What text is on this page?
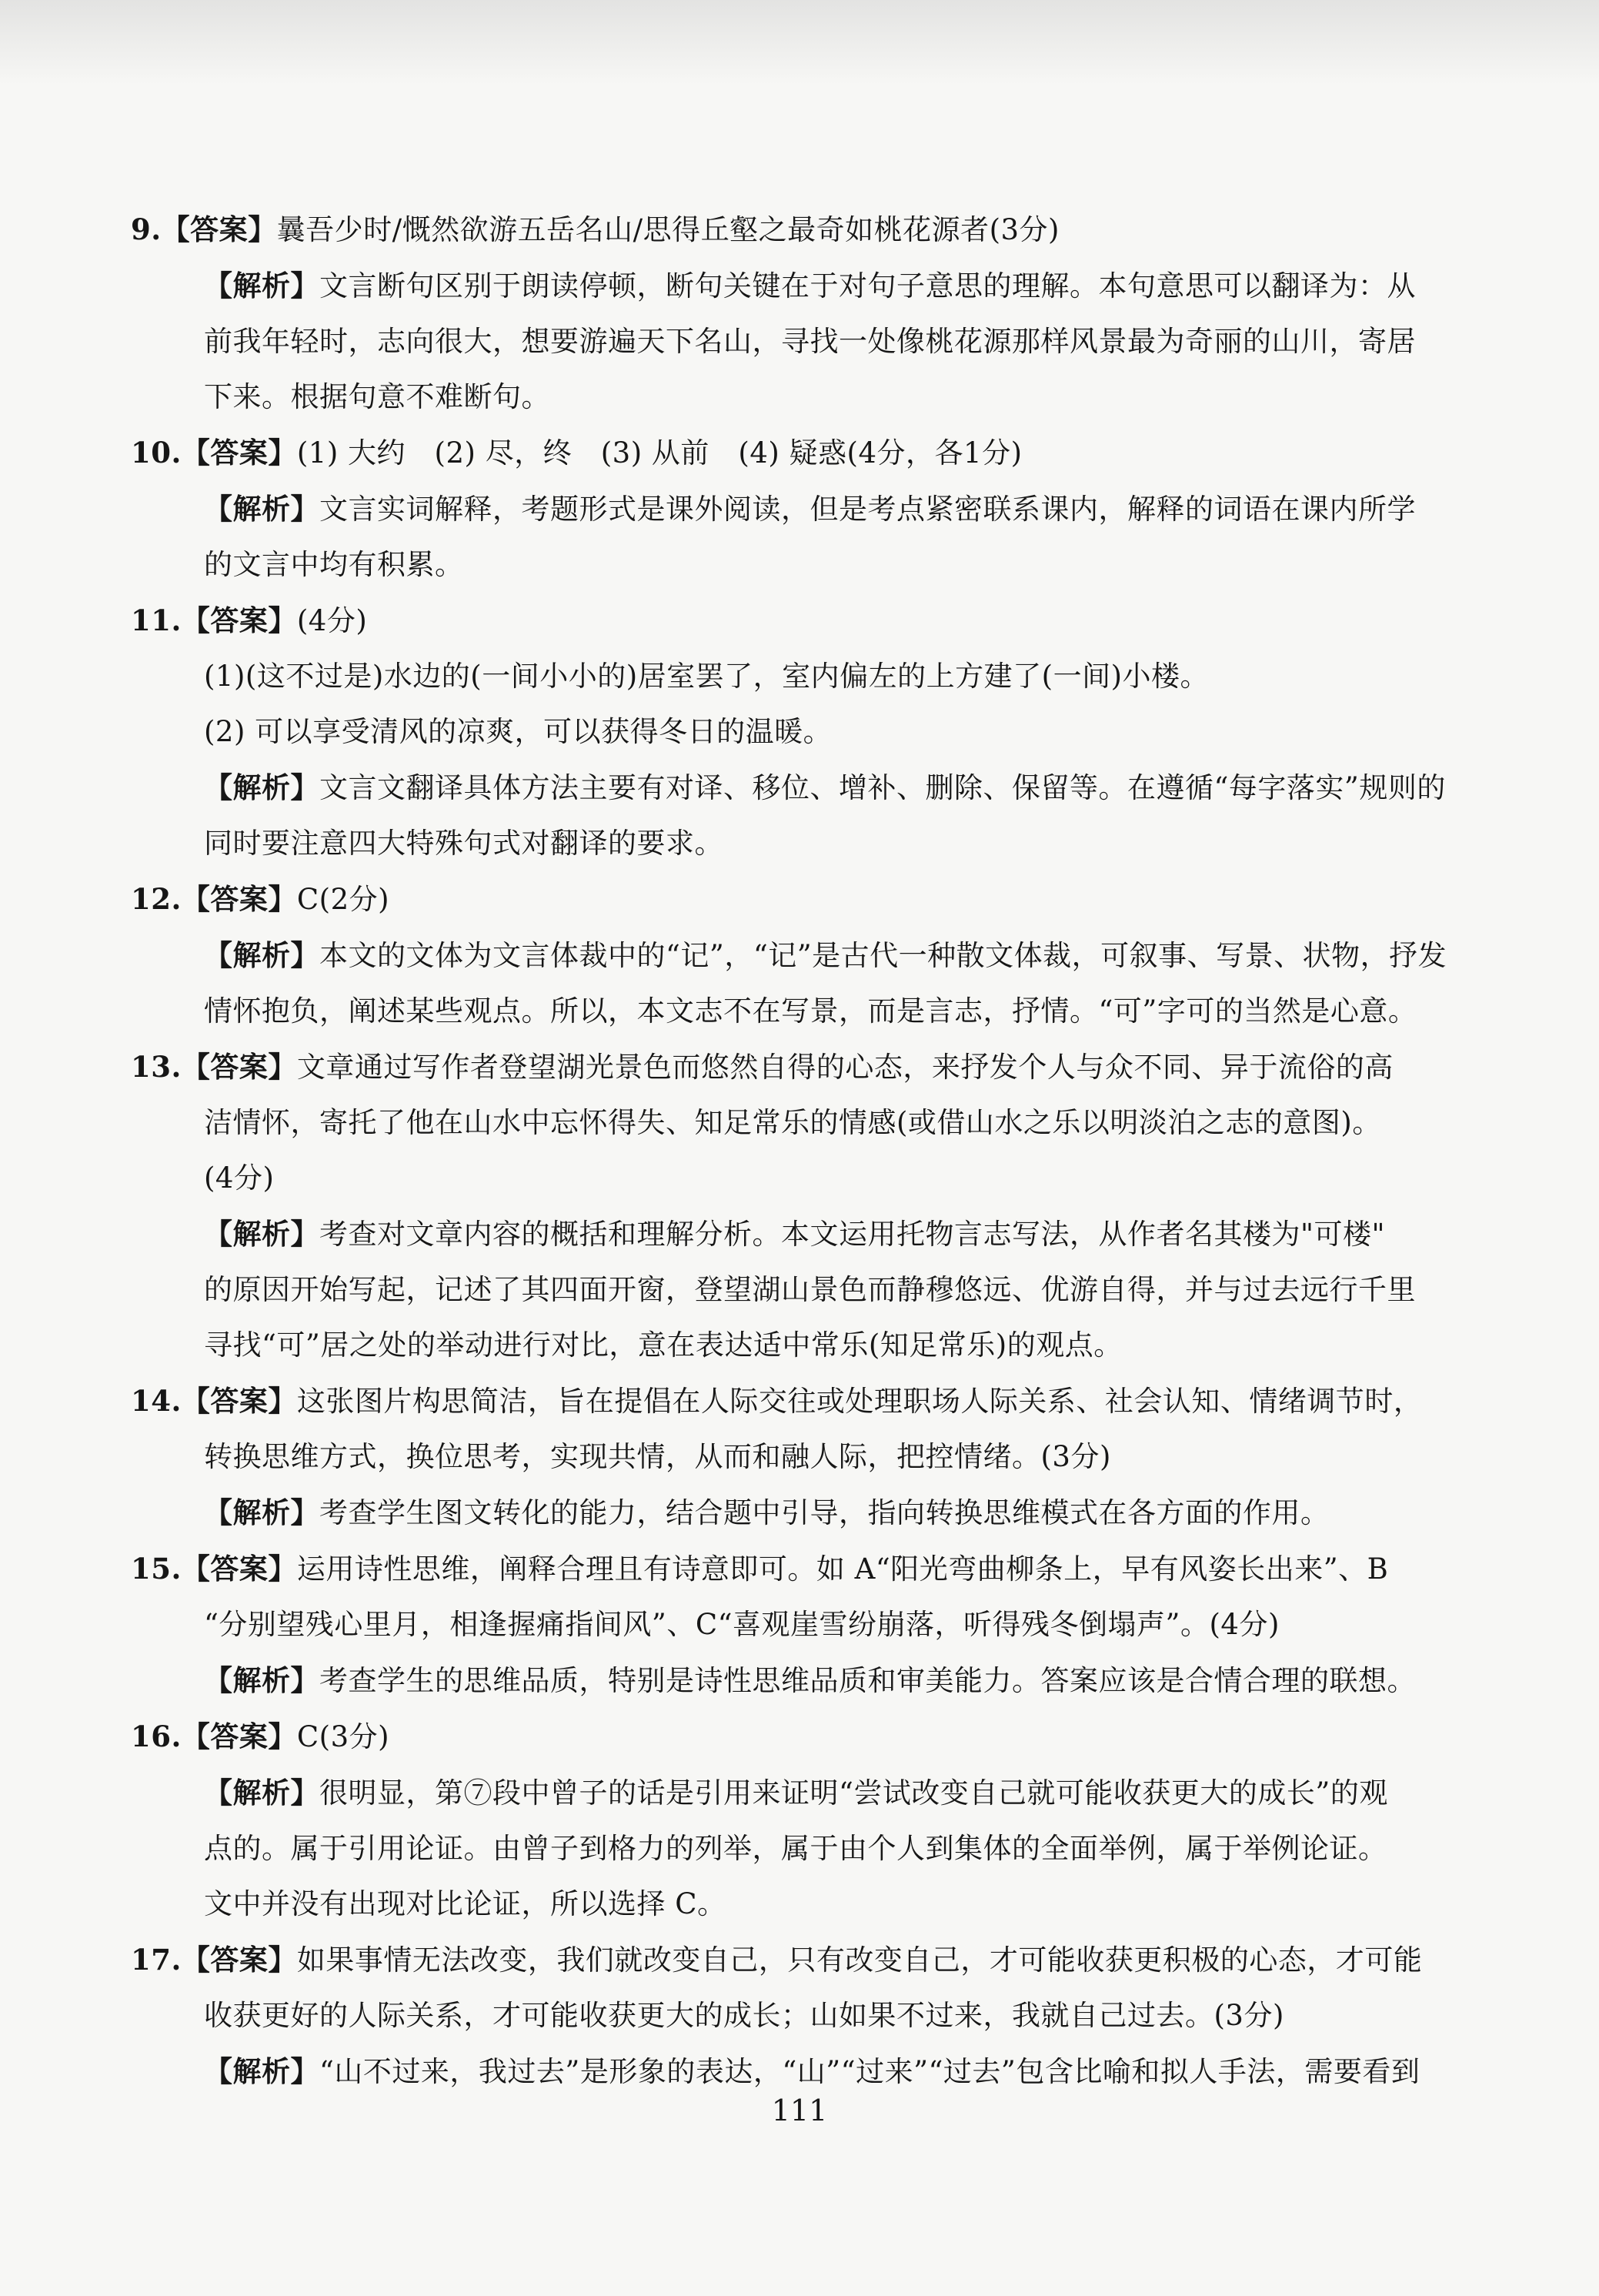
9.【答案】曩吾少时/慨然欲游五岳名山/思得丘壑之最奇如桃花源者(3分)
【解析】文言断句区别于朗读停顿，断句关键在于对句子意思的理解。本句意思可以翻译为：从
前我年轻时，志向很大，想要游遍天下名山，寻找一处像桃花源那样风景最为奇丽的山川，寄居
下来。根据句意不难断句。
10.【答案】(1) 大约　(2) 尽，终　(3) 从前　(4) 疑惑(4分，各1分)
【解析】文言实词解释，考题形式是课外阅读，但是考点紧密联系课内，解释的词语在课内所学
的文言中均有积累。
11.【答案】(4分)
(1)(这不过是)水边的(一间小小的)居室罢了，室内偏左的上方建了(一间)小楼。
(2) 可以享受清风的凉爽，可以获得冬日的温暖。
【解析】文言文翻译具体方法主要有对译、移位、增补、删除、保留等。在遵循“每字落实”规则的
同时要注意四大特殊句式对翻译的要求。
12.【答案】C(2分)
【解析】本文的文体为文言体裁中的“记”，“记”是古代一种散文体裁，可叙事、写景、状物，抒发
情怀抱负，阐述某些观点。所以，本文志不在写景，而是言志，抒情。“可”字可的当然是心意。
13.【答案】文章通过写作者登望湖光景色而悠然自得的心态，来抒发个人与众不同、异于流俗的高
洁情怀，寄托了他在山水中忘怀得失、知足常乐的情感(或借山水之乐以明淡泊之志的意图)。
(4分)
【解析】考查对文章内容的概括和理解分析。本文运用托物言志写法，从作者名其楼为"可楼"
的原因开始写起，记述了其四面开窗，登望湖山景色而静穆悠远、优游自得，并与过去远行千里
寻找“可”居之处的举动进行对比，意在表达适中常乐(知足常乐)的观点。
14.【答案】这张图片构思简洁，旨在提倡在人际交往或处理职场人际关系、社会认知、情绪调节时，
转换思维方式，换位思考，实现共情，从而和融人际，把控情绪。(3分)
【解析】考查学生图文转化的能力，结合题中引导，指向转换思维模式在各方面的作用。
15.【答案】运用诗性思维，阐释合理且有诗意即可。如 A“阳光弯曲柳条上，早有风姿长出来”、B
“分别望残心里月，相逢握痛指间风”、C“喜观崖雪纷崩落，听得残冬倒塌声”。(4分)
【解析】考查学生的思维品质，特别是诗性思维品质和审美能力。答案应该是合情合理的联想。
16.【答案】C(3分)
【解析】很明显，第⑦段中曾子的话是引用来证明“尝试改变自己就可能收获更大的成长”的观
点的。属于引用论证。由曾子到格力的列举，属于由个人到集体的全面举例，属于举例论证。
文中并没有出现对比论证，所以选择 C。
17.【答案】如果事情无法改变，我们就改变自己，只有改变自己，才可能收获更积极的心态，才可能
收获更好的人际关系，才可能收获更大的成长；山如果不过来，我就自己过去。(3分)
【解析】“山不过来，我过去”是形象的表达，“山”“过来”“过去”包含比喻和拟人手法，需要看到
111
